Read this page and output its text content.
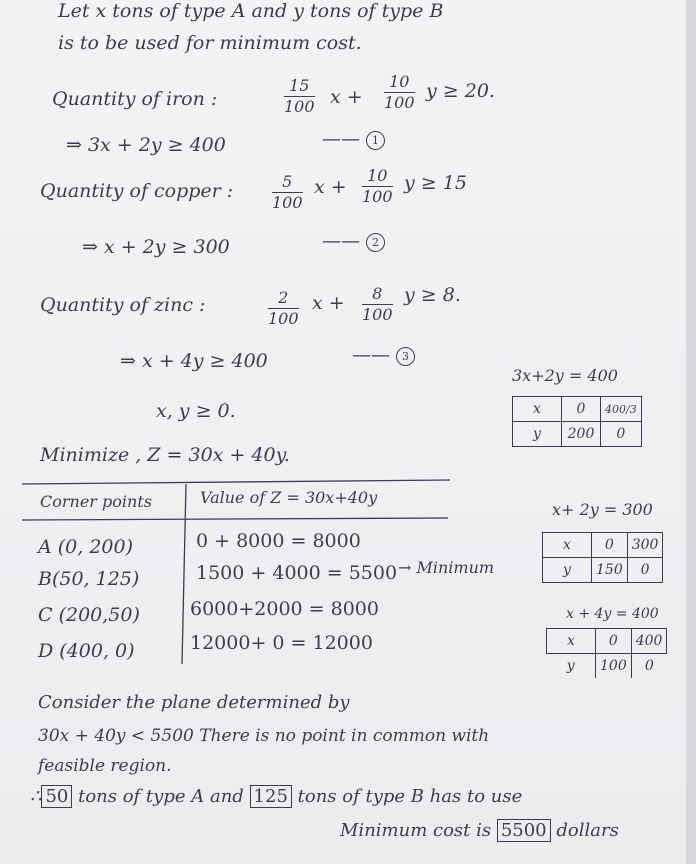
Let x tons of type A and y tons of type B
is to be used for minimum cost.
Quantity of iron :	$\frac{15}{100}$ $x + \frac{10}{100}$ y ≥ 20.
⇒ 3x + 2y ≥ 400	—— 1
Quantity of copper : $\frac{5}{100}$ $x + \frac{10}{100}$ y ≥ 15
⇒ x + 2y ≥ 300	—— 2
Quantity of zinc :	$\frac{2}{100}$ $x + \frac{8}{100}$ y ≥ 8.
⇒ x + 4y ≥ 400	—— 3
x, y ≥ 0.
Minimize , Z = 30x + 40y.
3x+2y = 400
x	0	400/3
y	200	0
Corner points	Value of Z = 30x+40y
A (0, 200)	0 + 8000 = 8000
B(50, 125)	1500 + 4000 = 5500 → Minimum
C (200,50)	6000+2000 = 8000
D (400, 0)	12000+ 0 = 12000
x+ 2y = 300
x	0	300
y	150	0
x + 4y = 400
x	0	400
y	100	0
Consider the plane determined by
30x + 40y < 5500 There is no point in common with
feasible region.
∴ 50 tons of type A and 125 tons of type B has to use
Minimum cost is 5500 dollars
